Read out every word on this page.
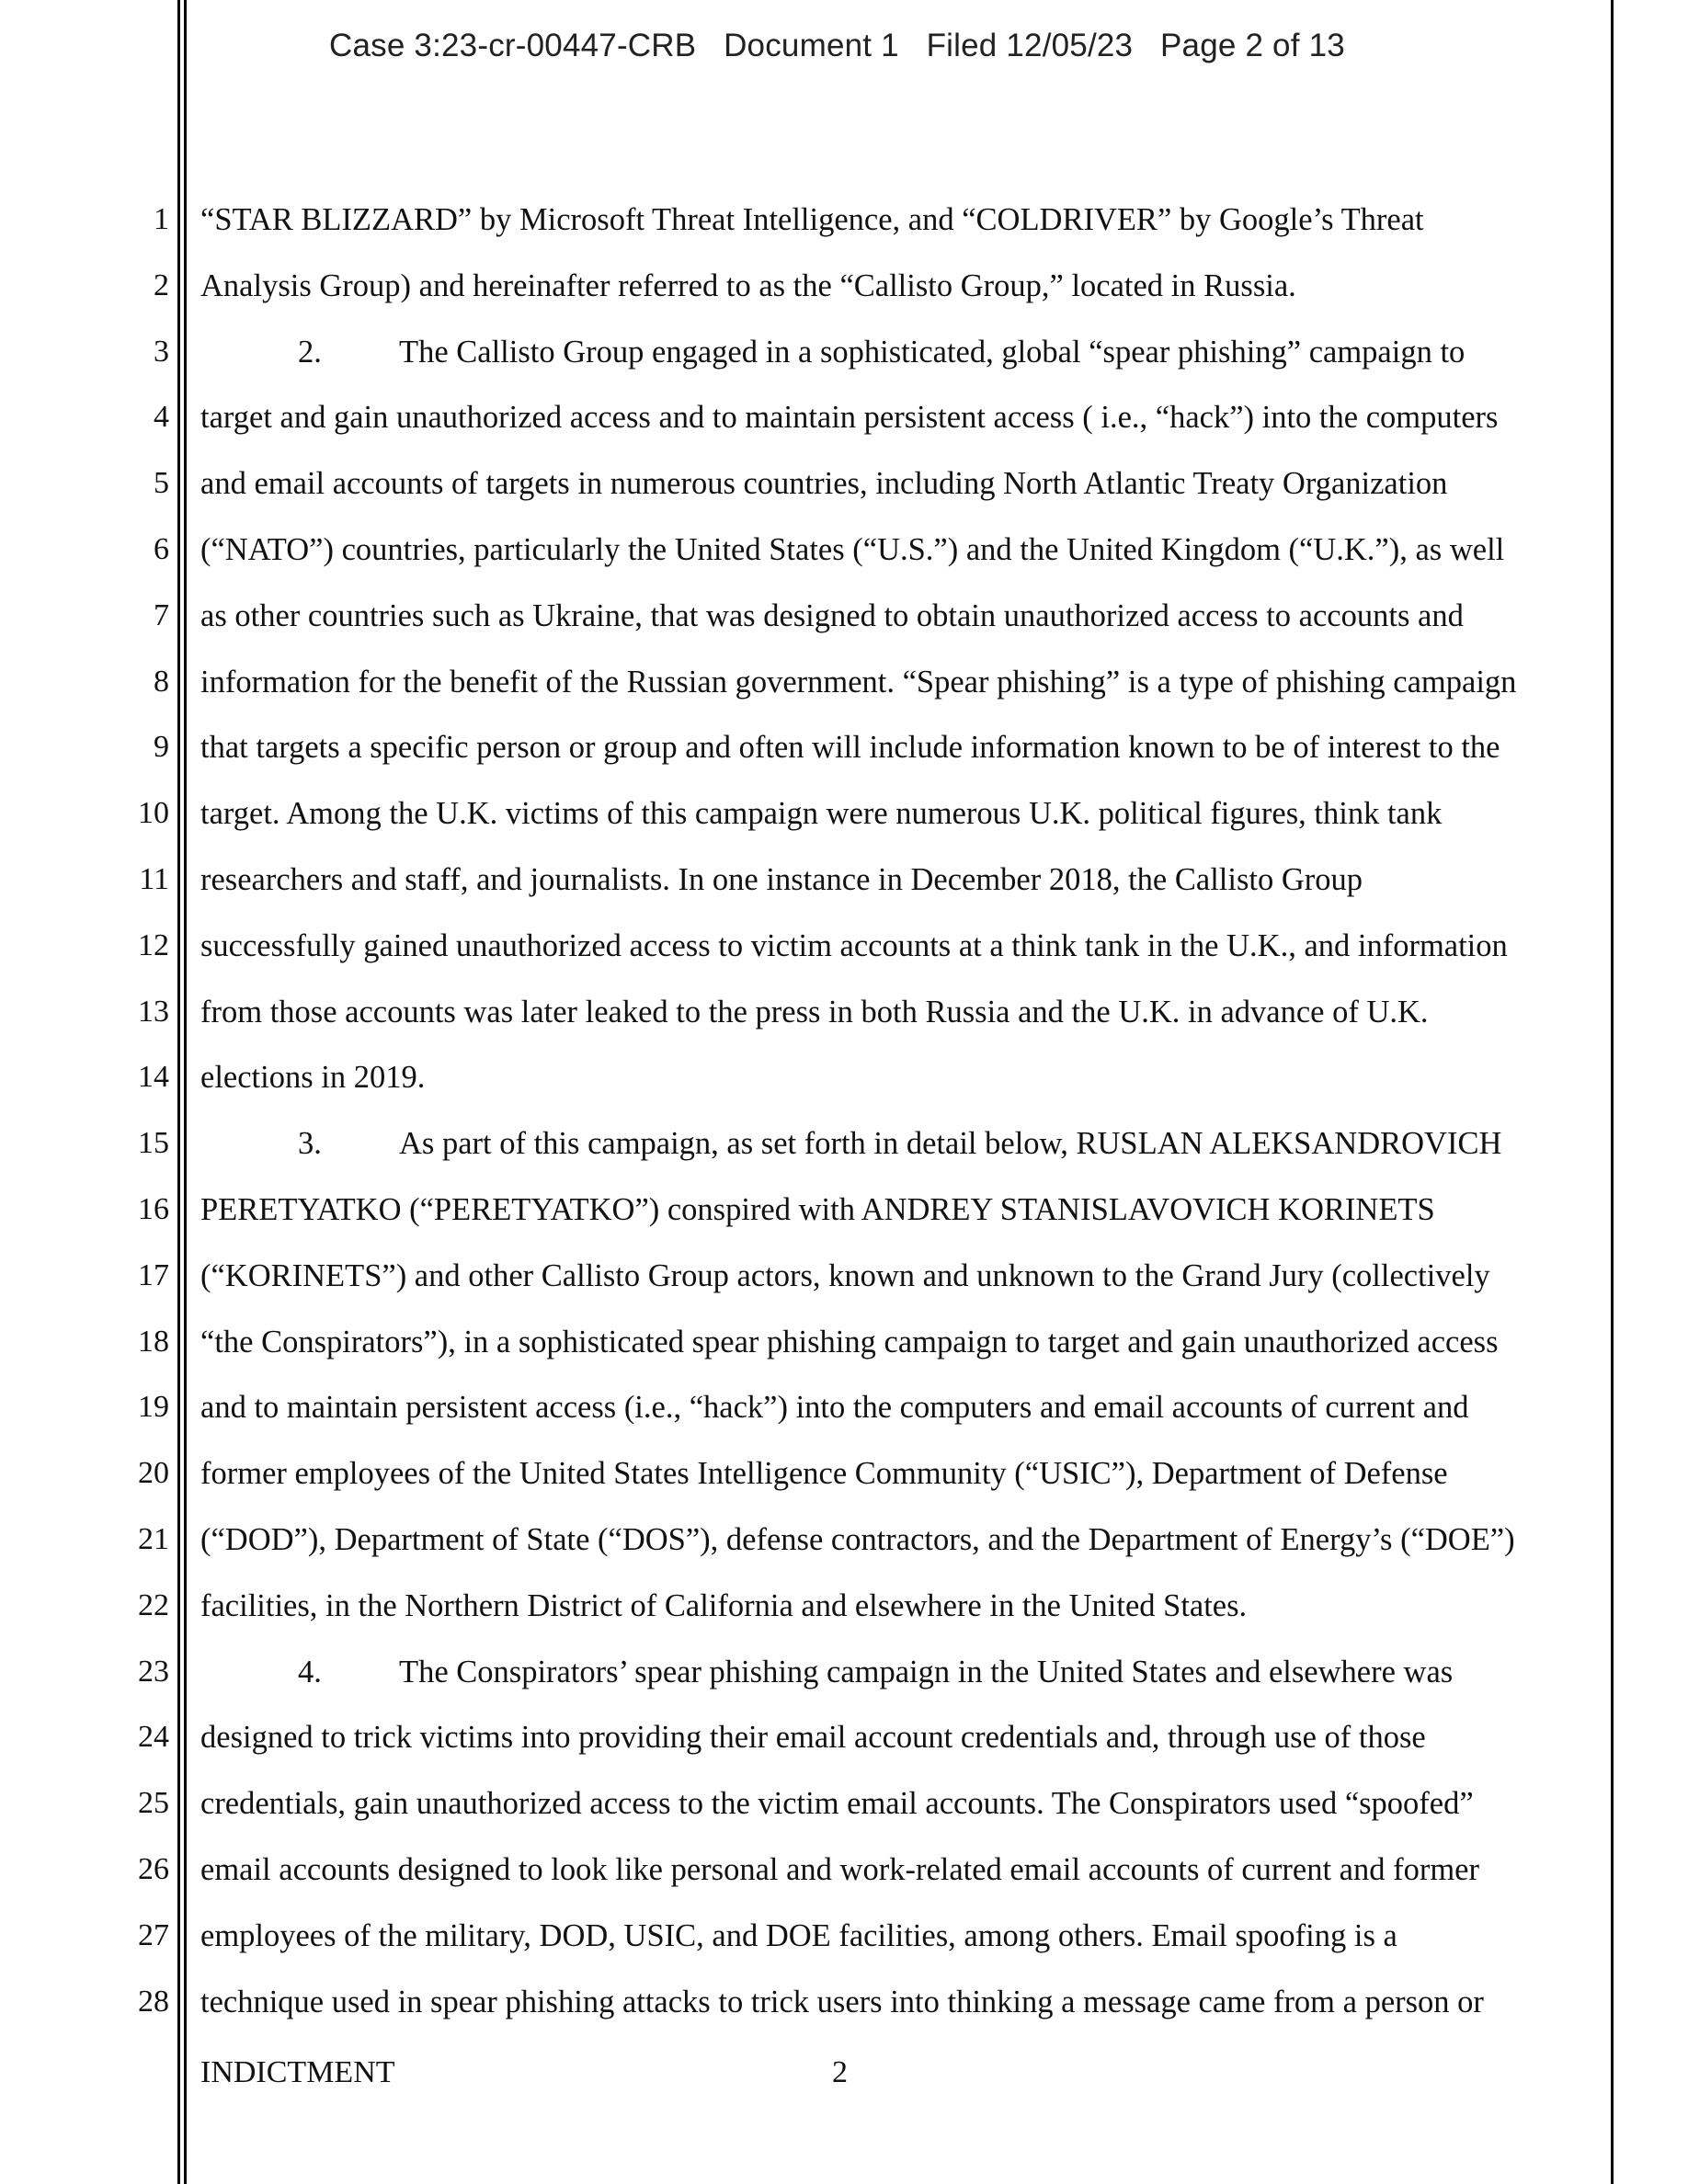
Case 3:23-cr-00447-CRB Document 1 Filed 12/05/23 Page 2 of 13
1
2
3
4
5
6
7
8
9
10
11
12
13
14
15
16
17
18
19
20
21
22
23
24
25
26
27
28
“STAR BLIZZARD” by Microsoft Threat Intelligence, and “COLDRIVER” by Google’s Threat
Analysis Group) and hereinafter referred to as the “Callisto Group,” located in Russia.
2. The Callisto Group engaged in a sophisticated, global “spear phishing” campaign to
target and gain unauthorized access and to maintain persistent access ( i.e., “hack”) into the computers
and email accounts of targets in numerous countries, including North Atlantic Treaty Organization
(“NATO”) countries, particularly the United States (“U.S.”) and the United Kingdom (“U.K.”), as well
as other countries such as Ukraine, that was designed to obtain unauthorized access to accounts and
information for the benefit of the Russian government. “Spear phishing” is a type of phishing campaign
that targets a specific person or group and often will include information known to be of interest to the
target. Among the U.K. victims of this campaign were numerous U.K. political figures, think tank
researchers and staff, and journalists. In one instance in December 2018, the Callisto Group
successfully gained unauthorized access to victim accounts at a think tank in the U.K., and information
from those accounts was later leaked to the press in both Russia and the U.K. in advance of U.K.
elections in 2019.
3. As part of this campaign, as set forth in detail below, RUSLAN ALEKSANDROVICH
PERETYATKO (“PERETYATKO”) conspired with ANDREY STANISLAVOVICH KORINETS
(“KORINETS”) and other Callisto Group actors, known and unknown to the Grand Jury (collectively
“the Conspirators”), in a sophisticated spear phishing campaign to target and gain unauthorized access
and to maintain persistent access (i.e., “hack”) into the computers and email accounts of current and
former employees of the United States Intelligence Community (“USIC”), Department of Defense
(“DOD”), Department of State (“DOS”), defense contractors, and the Department of Energy’s (“DOE”)
facilities, in the Northern District of California and elsewhere in the United States.
4. The Conspirators’ spear phishing campaign in the United States and elsewhere was
designed to trick victims into providing their email account credentials and, through use of those
credentials, gain unauthorized access to the victim email accounts. The Conspirators used “spoofed”
email accounts designed to look like personal and work-related email accounts of current and former
employees of the military, DOD, USIC, and DOE facilities, among others. Email spoofing is a
technique used in spear phishing attacks to trick users into thinking a message came from a person or
INDICTMENT	2
